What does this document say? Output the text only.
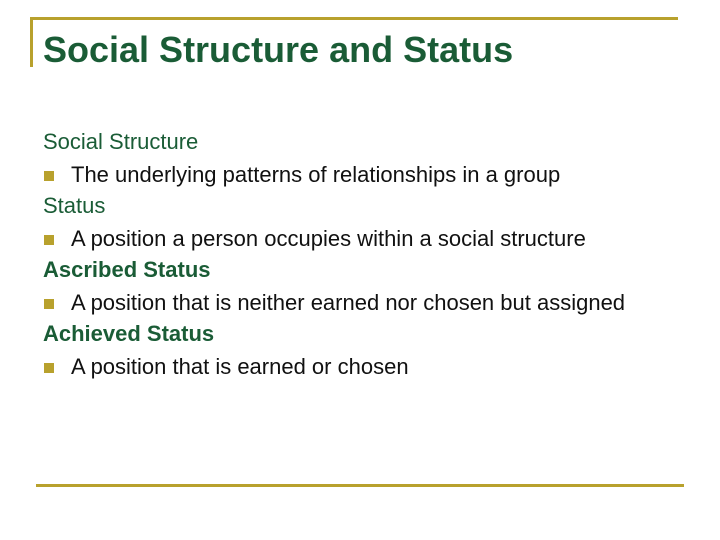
Social Structure and Status
Social Structure
The underlying patterns of relationships in a group
Status
A position a person occupies within a social structure
Ascribed Status
A position that is neither earned nor chosen but assigned
Achieved Status
A position that is earned or chosen
